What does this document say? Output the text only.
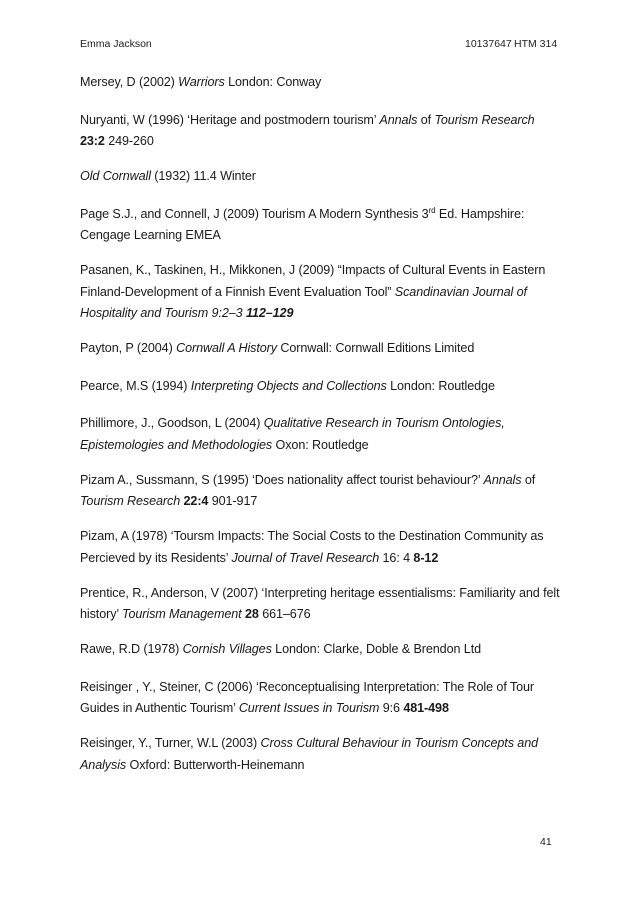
Emma Jackson	10137647 HTM 314

Mersey, D (2002) Warriors London: Conway

Nuryanti, W (1996) ‘Heritage and postmodern tourism’ Annals of Tourism Research
23:2 249-260

Old Cornwall (1932) 11.4 Winter

Page S.J., and Connell, J (2009) Tourism A Modern Synthesis 3rd Ed. Hampshire: Cengage Learning EMEA

Pasanen, K., Taskinen, H., Mikkonen, J (2009) “Impacts of Cultural Events in Eastern Finland-Development of a Finnish Event Evaluation Tool” Scandinavian Journal of Hospitality and Tourism 9:2–3 112–129

Payton, P (2004) Cornwall A History Cornwall: Cornwall Editions Limited

Pearce, M.S (1994) Interpreting Objects and Collections London: Routledge

Phillimore, J., Goodson, L (2004) Qualitative Research in Tourism Ontologies, Epistemologies and Methodologies Oxon: Routledge

Pizam A., Sussmann, S (1995) ‘Does nationality affect tourist behaviour?’ Annals of Tourism Research 22:4 901-917

Pizam, A (1978) ‘Toursm Impacts: The Social Costs to the Destination Community as Percieved by its Residents’ Journal of Travel Research 16: 4 8-12

Prentice, R., Anderson, V (2007) ‘Interpreting heritage essentialisms: Familiarity and felt history’ Tourism Management 28 661–676

Rawe, R.D (1978) Cornish Villages London: Clarke, Doble & Brendon Ltd

Reisinger , Y., Steiner, C (2006) ‘Reconceptualising Interpretation: The Role of Tour Guides in Authentic Tourism’ Current Issues in Tourism 9:6 481-498

Reisinger, Y., Turner, W.L (2003) Cross Cultural Behaviour in Tourism Concepts and Analysis Oxford: Butterworth-Heinemann

41
